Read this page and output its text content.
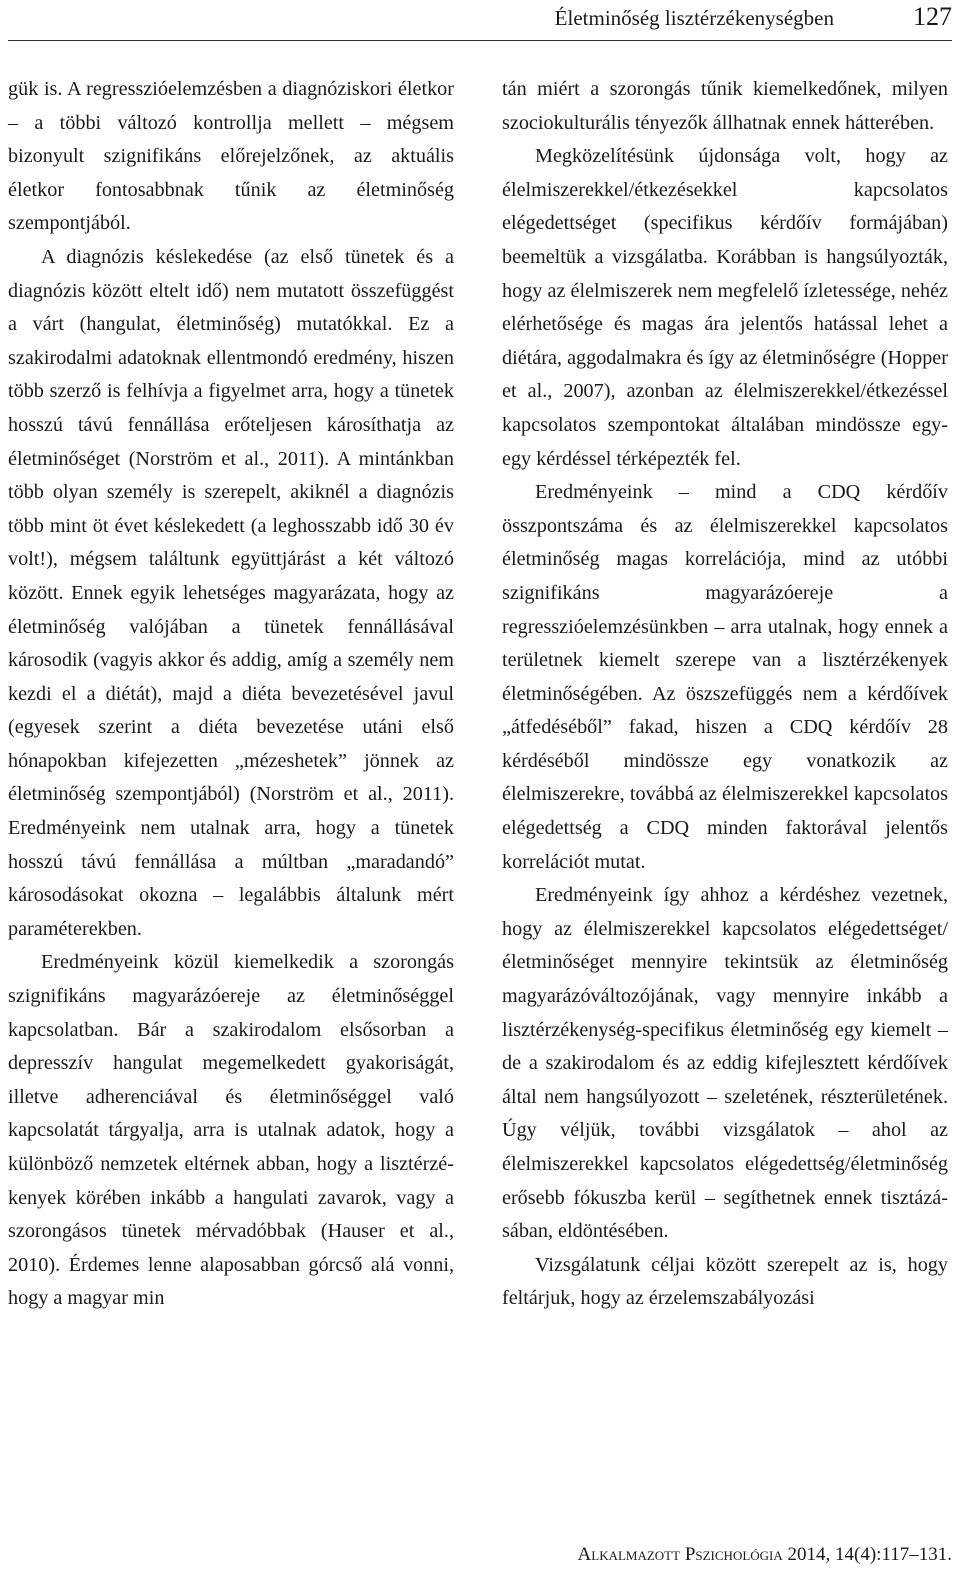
Életminőség lisztérzékenységben	127

gük is. A regresszióelemzésben a diagnóziskori életkor – a többi változó kontrollja mellett – mégsem bizonyult szignifikáns előrejelzőnek, az aktuális életkor fontosabbnak tűnik az életminőség szempontjából.

A diagnózis késlekedése (az első tünetek és a diagnózis között eltelt idő) nem mutatott összefüggést a várt (hangulat, életminőség) mutatókkal. Ez a szakirodalmi adatoknak ellentmondó eredmény, hiszen több szerző is felhívja a figyelmet arra, hogy a tünetek hosszú távú fennállása erőteljesen károsíthatja az életminőséget (Norström et al., 2011). A mintánkban több olyan személy is szerepelt, akiknél a diagnózis több mint öt évet késlekedett (a leghosszabb idő 30 év volt!), mégsem találtunk együttjárást a két változó között. Ennek egyik lehetséges magyarázata, hogy az életminőség valójában a tünetek fennállásával károsodik (vagyis akkor és addig, amíg a személy nem kezdi el a diétát), majd a diéta bevezetésével javul (egyesek szerint a diéta bevezetése utáni első hónapokban kifejezetten „mézeshetek” jönnek az életminőség szempontjából) (Norström et al., 2011). Eredményeink nem utalnak arra, hogy a tünetek hosszú távú fennállása a múltban „maradandó” károsodásokat okozna – legalábbis általunk mért paraméterekben.

Eredményeink közül kiemelkedik a szorongás szignifikáns magyarázóereje az életminőséggel kapcsolatban. Bár a szakirodalom elsősorban a depresszív hangulat megemelkedett gyakoriságát, illetve adherenciával és életminőséggel való kapcsolatát tárgyalja, arra is utalnak adatok, hogy a különböző nemzetek eltérnek abban, hogy a lisztérzékenyek körében inkább a hangulati zavarok, vagy a szorongásos tünetek mérvadóbbak (Hauser et al., 2010). Érdemes lenne alaposabban górcső alá vonni, hogy a magyar min

tán miért a szorongás tűnik kiemelkedőnek, milyen szociokulturális tényezők állhatnak ennek hátterében.

Megközelítésünk újdonsága volt, hogy az élelmiszerekkel/étkezésekkel kapcsolatos elégedettséget (specifikus kérdőív formájában) beemeltük a vizsgálatba. Korábban is hangsúlyozták, hogy az élelmiszerek nem megfelelő ízletessége, nehéz elérhetősége és magas ára jelentős hatással lehet a diétára, aggodalmakra és így az életminőségre (Hopper et al., 2007), azonban az élelmiszerekkel/étkezéssel kapcsolatos szempontokat általában mindössze egy-egy kérdéssel térképezték fel.

Eredményeink – mind a CDQ kérdőív összpontszáma és az élelmiszerekkel kapcsolatos életminőség magas korrelációja, mind az utóbbi szignifikáns magyarázóereje a regresszióelemzésünkben – arra utalnak, hogy ennek a területnek kiemelt szerepe van a lisztérzékenyek életminőségében. Az öszszefüggés nem a kérdőívek „átfedéséből” fakad, hiszen a CDQ kérdőív 28 kérdéséből mindössze egy vonatkozik az élelmiszerekre, továbbá az élelmiszerekkel kapcsolatos elégedettség a CDQ minden faktorával jelentős korrelációt mutat.

Eredményeink így ahhoz a kérdéshez vezetnek, hogy az élelmiszerekkel kapcsolatos elégedettséget/életminőséget mennyire tekintsük az életminőség magyarázóváltozójának, vagy mennyire inkább a lisztérzékenység-specifikus életminőség egy kiemelt – de a szakirodalom és az eddig kifejlesztett kérdőívek által nem hangsúlyozott – szeletének, részterületének. Úgy véljük, további vizsgálatok – ahol az élelmiszerekkel kapcsolatos elégedettség/életminőség erősebb fókuszba kerül – segíthetnek ennek tisztázásában, eldöntésében.

Vizsgálatunk céljai között szerepelt az is, hogy feltárjuk, hogy az érzelemszabályozási

Alkalmazott Pszichológia 2014, 14(4):117–131.
